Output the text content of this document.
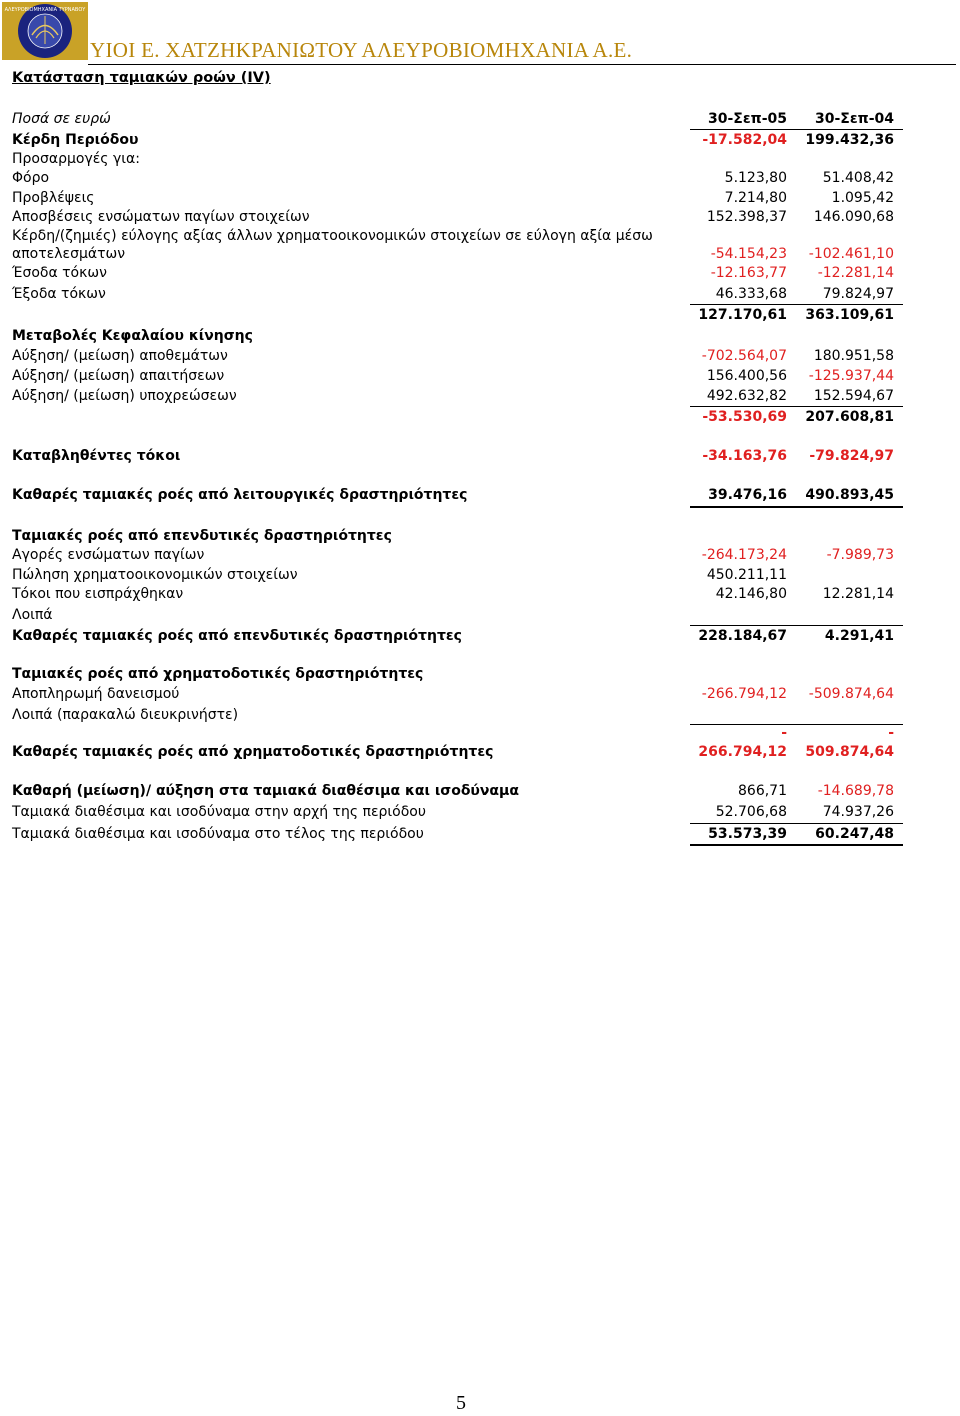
ΑΛΕΥΡΟΒΙΟΜΗΧΑΝΙΑ ΤΥΡΝΑΒΟΥ
ΥΙΟΙ Ε. ΧΑΤΖΗΚΡΑΝΙΩΤΟΥ ΑΛΕΥΡΟΒΙΟΜΗΧΑΝΙΑ Α.Ε.
Κατάσταση ταμιακών ροών (IV)
Ποσά σε ευρώ	30-Σεπ-05 30-Σεπ-04
Κέρδη Περιόδου	-17.582,04 199.432,36
Προσαρμογές για:
Φόρο	5.123,80	51.408,42
Προβλέψεις	7.214,80	1.095,42
Αποσβέσεις ενσώματων παγίων στοιχείων	152.398,37 146.090,68
Κέρδη/(ζημιές) εύλογης αξίας άλλων χρηματοοικονομικών στοιχείων σε εύλογη αξία μέσω
αποτελεσμάτων	-54.154,23 -102.461,10
Έσοδα τόκων	-12.163,77 -12.281,14
Έξοδα τόκων	46.333,68	79.824,97
127.170,61 363.109,61
Μεταβολές Κεφαλαίου κίνησης
Αύξηση/ (μείωση) αποθεμάτων	-702.564,07 180.951,58
Αύξηση/ (μείωση) απαιτήσεων	156.400,56 -125.937,44
Αύξηση/ (μείωση) υποχρεώσεων	492.632,82 152.594,67
-53.530,69 207.608,81
Καταβληθέντες τόκοι	-34.163,76 -79.824,97
Καθαρές ταμιακές ροές από λειτουργικές δραστηριότητες	39.476,16 490.893,45
Ταμιακές ροές από επενδυτικές δραστηριότητες
Αγορές ενσώματων παγίων	-264.173,24	-7.989,73
Πώληση χρηματοοικονομικών στοιχείων	450.211,11
Τόκοι που εισπράχθηκαν	42.146,80	12.281,14
Λοιπά
Καθαρές ταμιακές ροές από επενδυτικές δραστηριότητες	228.184,67	4.291,41
Ταμιακές ροές από χρηματοδοτικές δραστηριότητες
Αποπληρωμή δανεισμού	-266.794,12 -509.874,64
Λοιπά (παρακαλώ διευκρινήστε)
-	-
Καθαρές ταμιακές ροές από χρηματοδοτικές δραστηριότητες	266.794,12 509.874,64
Καθαρή (μείωση)/ αύξηση στα ταμιακά διαθέσιμα και ισοδύναμα	866,71 -14.689,78
Ταμιακά διαθέσιμα και ισοδύναμα στην αρχή της περιόδου	52.706,68	74.937,26
Ταμιακά διαθέσιμα και ισοδύναμα στο τέλος της περιόδου	53.573,39 60.247,48
5
